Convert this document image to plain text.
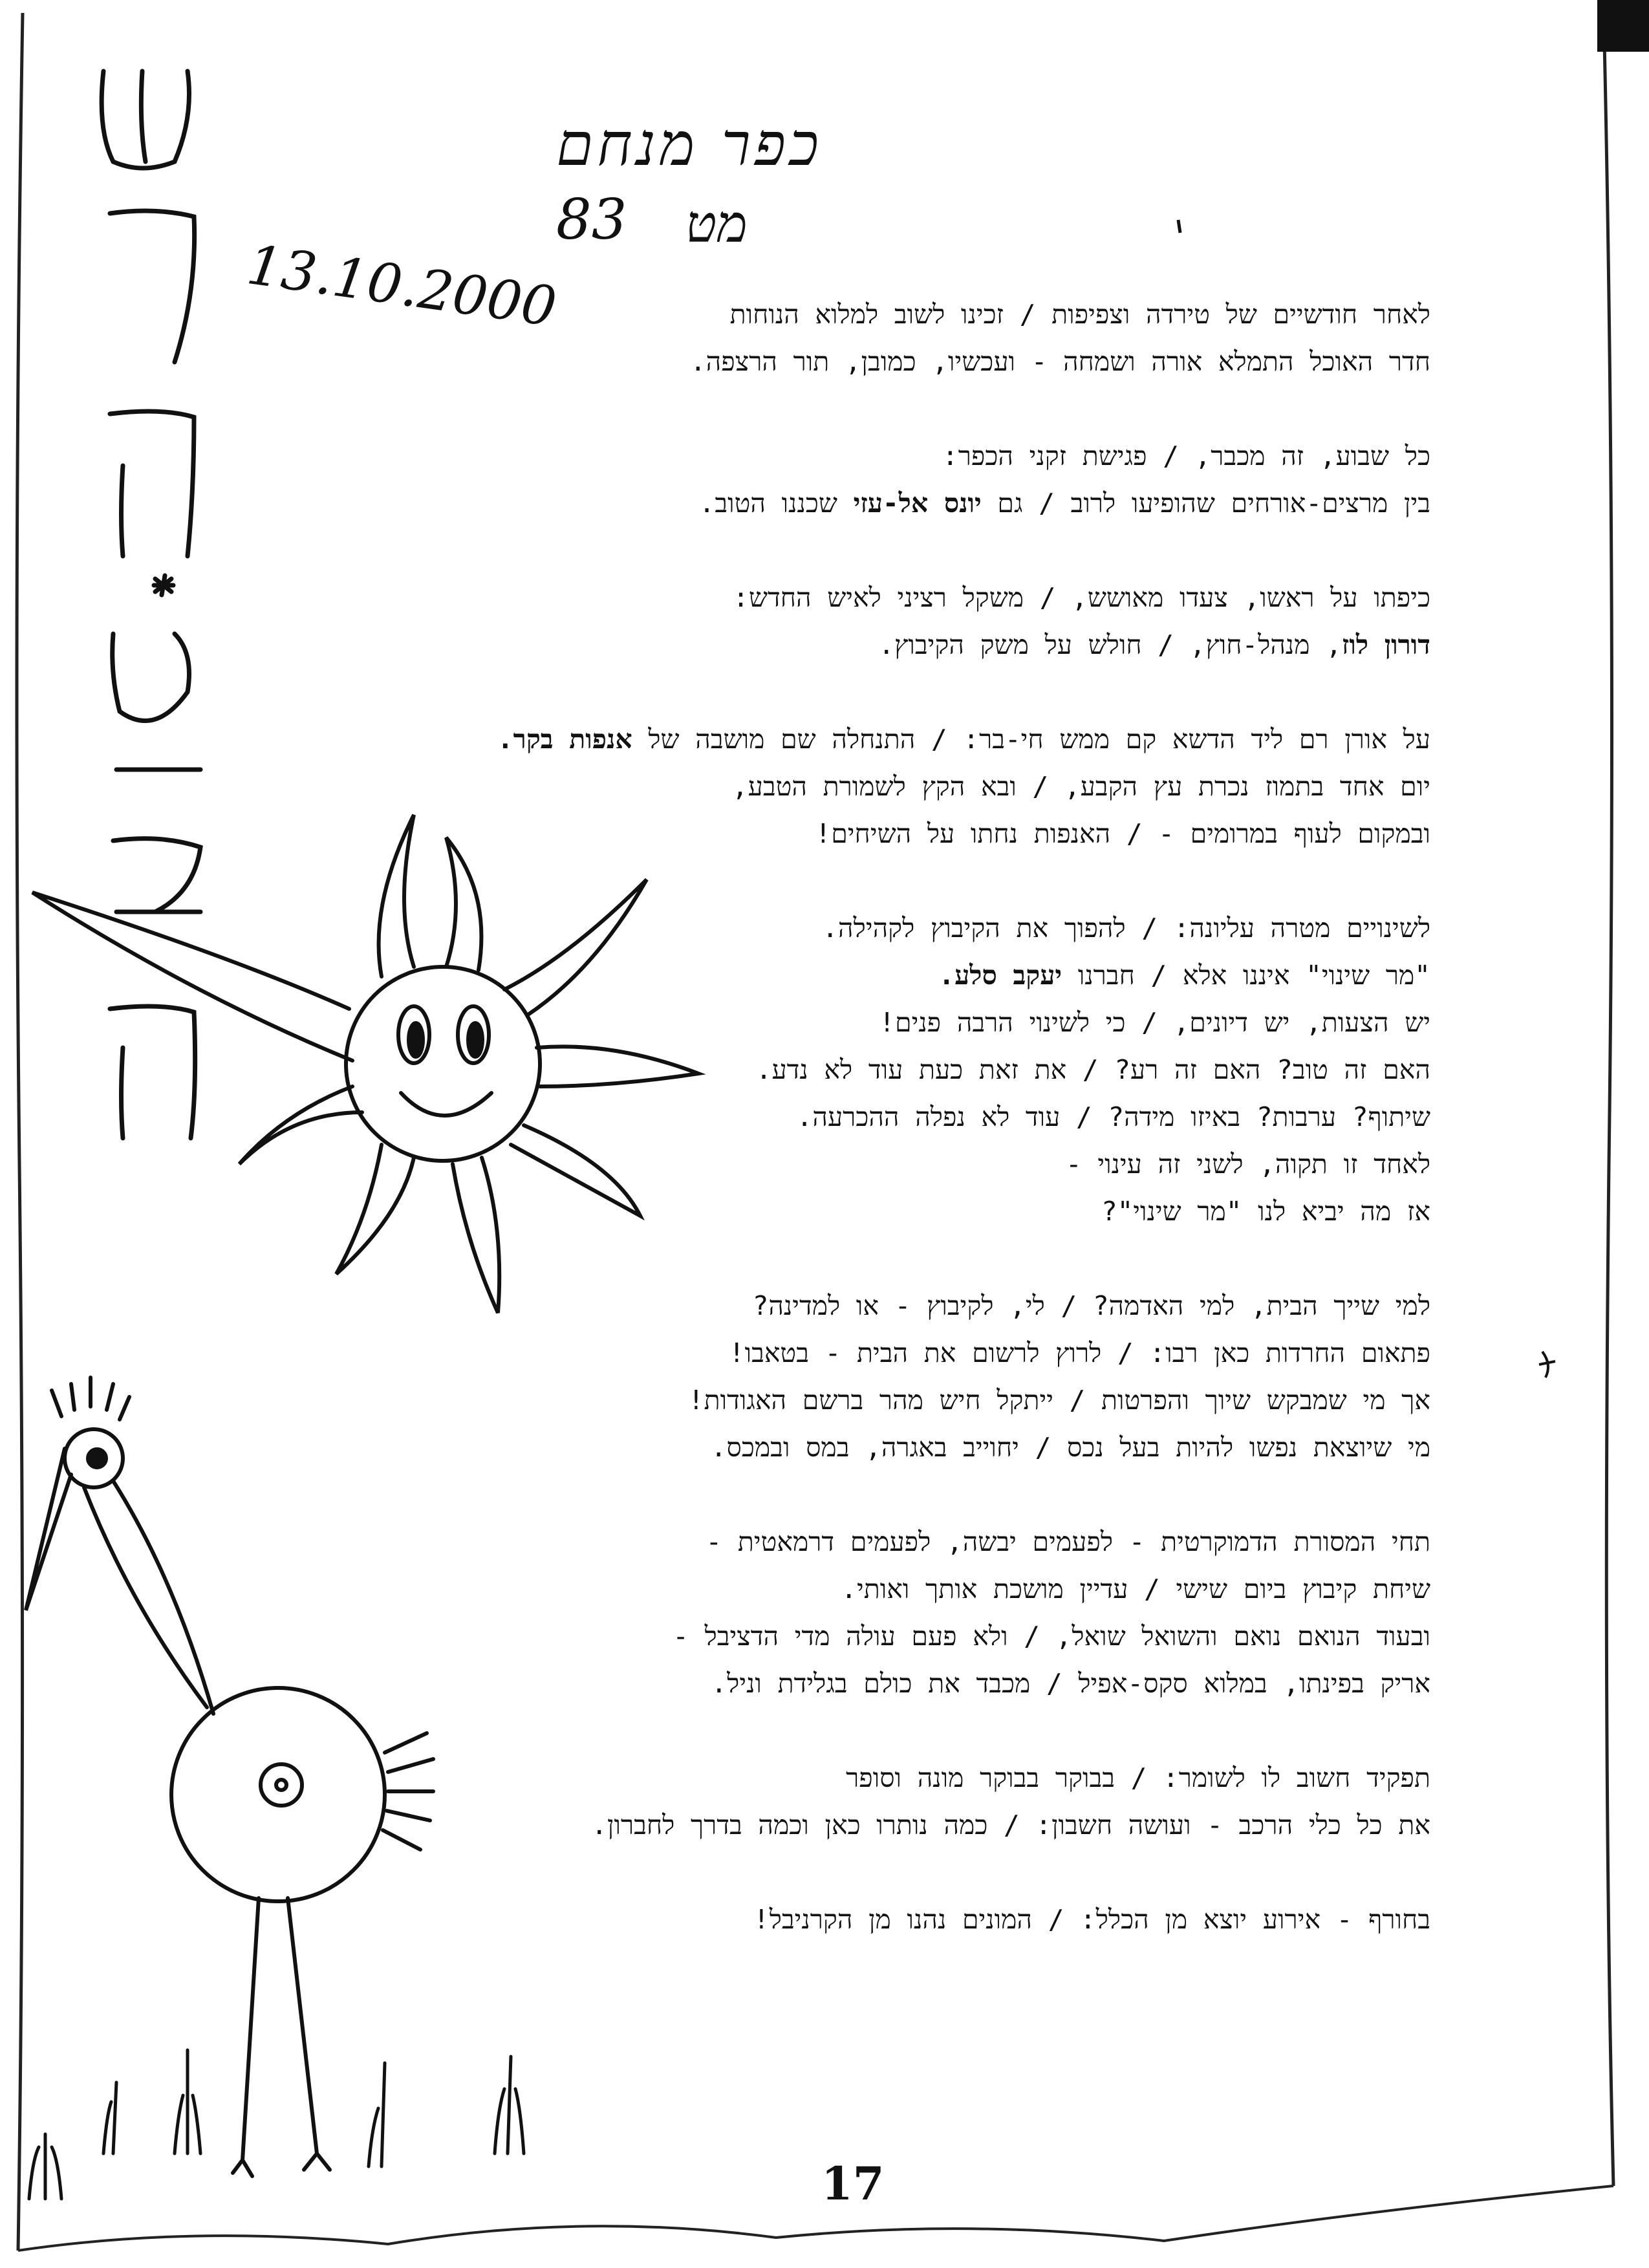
כפר מנחם
83 מט
13.10.2000	לאחר חודשיים של טירדה וצפיפות / זכינו לשוב למלוא הנוחות
חדר האוכל התמלא אורה ושמחה - ועכשיו, כמובן, תור הרצפה.
כל שבוע, זה מכבר, / פגישת זקני הכפר:
בין מרצים-אורחים שהופיעו לרוב / גם יונס אל-עזי שכננו הטוב.
כיפתו על ראשו, צעדו מאושש, / משקל רציני לאיש החדש:
דורון לוז, מנהל-חוץ, / חולש על משק הקיבוץ.
על אורן רם ליד הדשא קם ממש חי-בר: / התנחלה שם מושבה של אנפות בקר.
יום אחד בתמוז נכרת עץ הקבע, / ובא הקץ לשמורת הטבע,
ובמקום לעוף במרומים - / האנפות נחתו על השיחים!
לשינויים מטרה עליונה: / להפוך את הקיבוץ לקהילה.
"מר שינוי" איננו אלא / חברנו יעקב סלע.
יש הצעות, יש דיונים, / כי לשינוי הרבה פנים!
האם זה טוב? האם זה רע? / את זאת כעת עוד לא נדע.
שיתוף? ערבות? באיזו מידה? / עוד לא נפלה ההכרעה.
לאחד זו תקוה, לשני זה עינוי -
אז מה יביא לנו "מר שינוי"?
למי שייך הבית, למי האדמה? / לי, לקיבוץ - או למדינה?
פתאום החרדות כאן רבו: / לרוץ לרשום את הבית - בטאבו!
אך מי שמבקש שיוך והפרטות / ייתקל חיש מהר ברשם האגודות!
מי שיוצאת נפשו להיות בעל נכס / יחוייב באגרה, במס ובמכס.
תחי המסורת הדמוקרטית - לפעמים יבשה, לפעמים דרמאטית -
שיחת קיבוץ ביום שישי / עדיין מושכת אותך ואותי.
ובעוד הנואם נואם והשואל שואל, / ולא פעם עולה מדי הדציבל -
אריק בפינתו, במלוא סקס-אפיל / מכבד את כולם בגלידת וניל.
תפקיד חשוב לו לשומר: / בבוקר בבוקר מונה וסופר
את כל כלי הרכב - ועושה חשבון: / כמה נותרו כאן וכמה בדרך לחברון.
בחורף - אירוע יוצא מן הכלל: / המונים נהנו מן הקרניבל!
17
